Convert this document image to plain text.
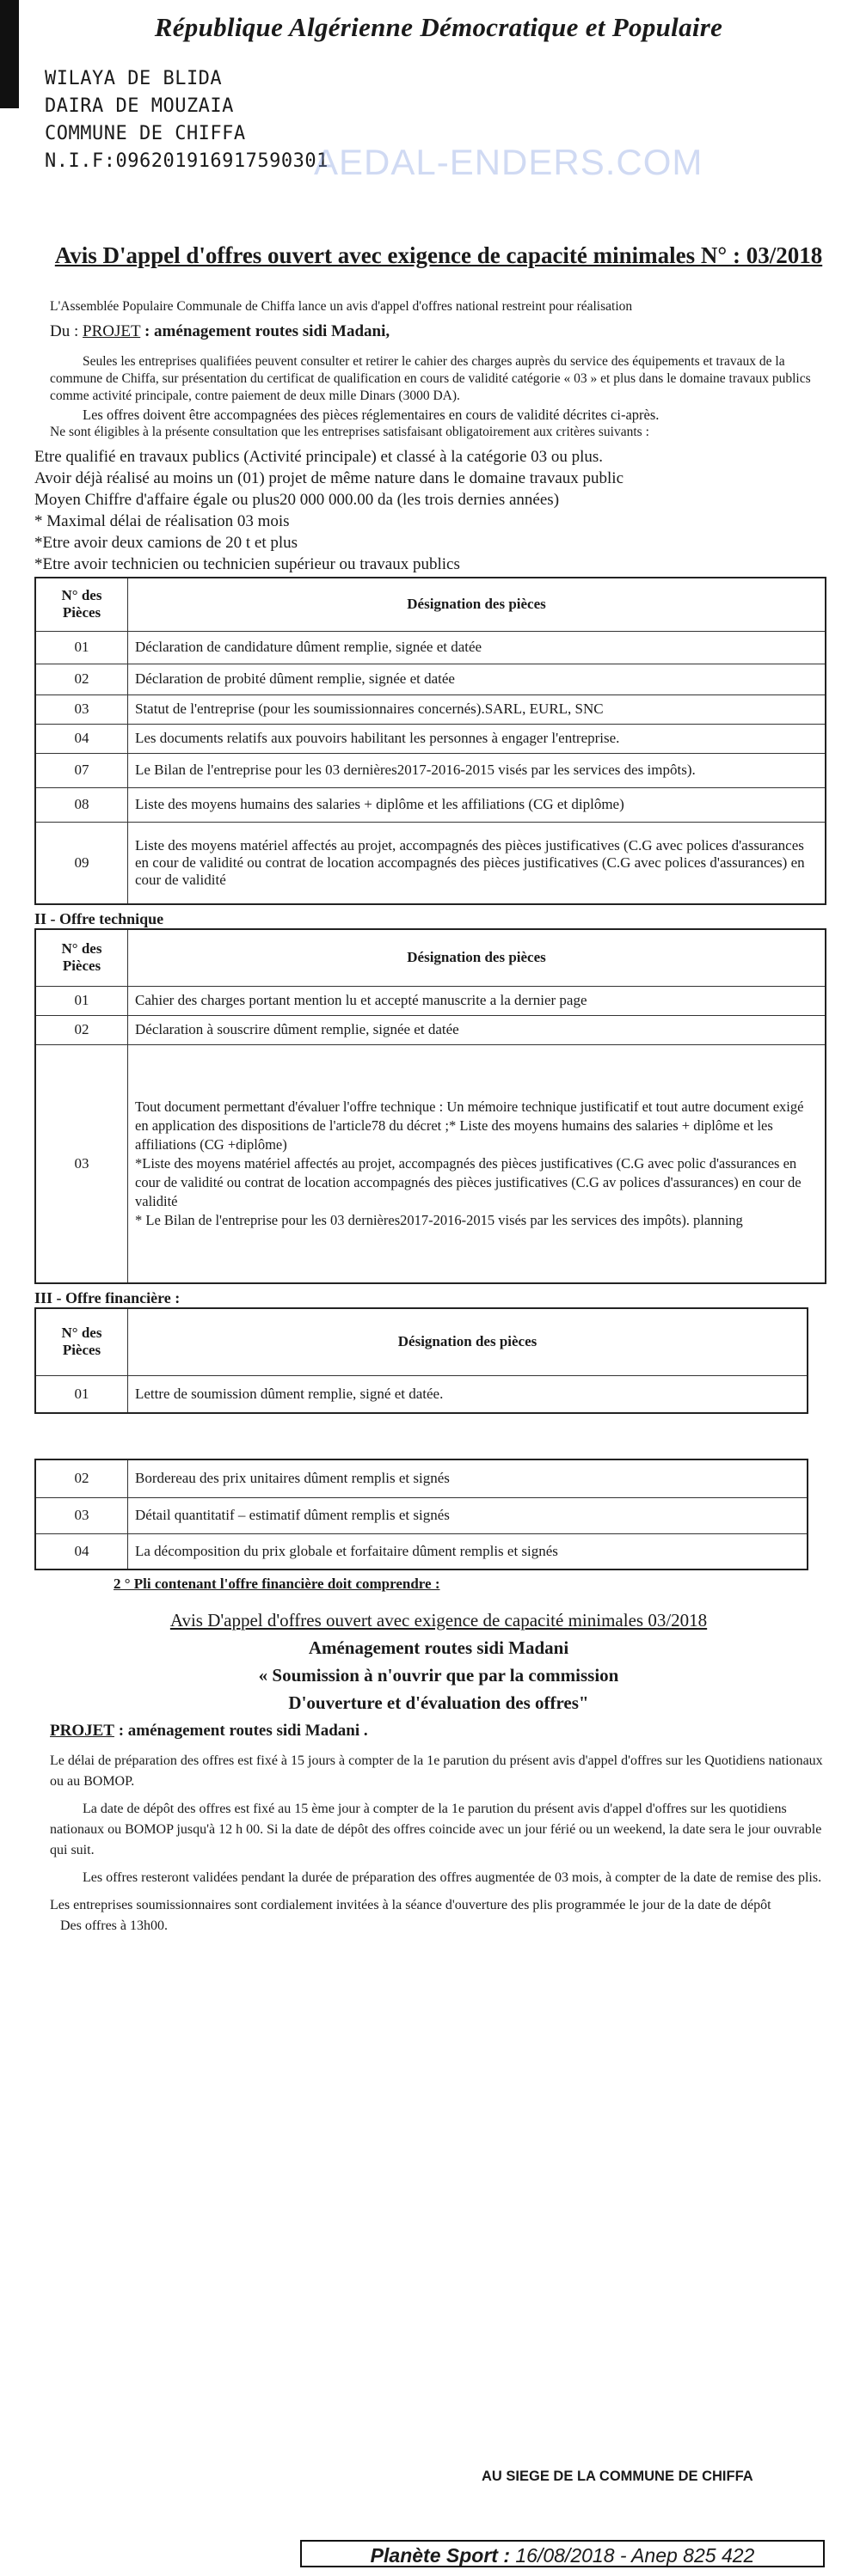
République Algérienne Démocratique et Populaire
WILAYA DE BLIDA
DAIRA DE MOUZAIA
COMMUNE DE CHIFFA
N.I.F:096201916917590301
Avis D'appel d'offres ouvert avec exigence de capacité minimales N° : 03/2018
L'Assemblée Populaire Communale de Chiffa lance un avis d'appel d'offres national restreint pour réalisation
Du : PROJET : aménagement routes sidi Madani,
Seules les entreprises qualifiées peuvent consulter et retirer le cahier des charges auprès du service des équipements et travaux de la commune de Chiffa, sur présentation du certificat de qualification en cours de validité catégorie « 03 » et plus dans le domaine travaux publics comme activité principale, contre paiement de deux mille Dinars (3000 DA).
Les offres doivent être accompagnées des pièces réglementaires en cours de validité décrites ci-après.
Ne sont éligibles à la présente consultation que les entreprises satisfaisant obligatoirement aux critères suivants :
Etre qualifié en travaux publics (Activité principale) et classé à la catégorie 03 ou plus.
Avoir déjà réalisé au moins un (01) projet de même nature dans le domaine travaux public
Moyen Chiffre d'affaire égale ou plus20 000 000.00 da (les trois dernies années)
* Maximal délai de réalisation 03 mois
*Etre avoir deux camions de 20 t et plus
*Etre avoir technicien ou technicien supérieur ou travaux publics
N° des Pièces	Désignation des pièces
01	Déclaration de candidature dûment remplie, signée et datée
02	Déclaration de probité dûment remplie, signée et datée
03	Statut de l'entreprise (pour les soumissionnaires concernés).SARL, EURL, SNC
04	Les documents relatifs aux pouvoirs habilitant les personnes à engager l'entreprise.
07	Le Bilan de l'entreprise pour les 03 dernières2017-2016-2015 visés par les services des impôts).
08	Liste des moyens humains des salaries + diplôme et les affiliations (CG et diplôme)
09	Liste des moyens matériel affectés au projet, accompagnés des pièces justificatives (C.G avec polices d'assurances en cour de validité ou contrat de location accompagnés des pièces justificatives (C.G avec polices d'assurances) en cour de validité
II - Offre technique
N° des Pièces	Désignation des pièces
01	Cahier des charges portant mention lu et accepté manuscrite a la dernier page
02	Déclaration à souscrire dûment remplie, signée et datée
03	Tout document permettant d'évaluer l'offre technique : Un mémoire technique justificatif et tout autre document exigé en application des dispositions de l'article78 du décret ;* Liste des moyens humains des salaries + diplôme et les affiliations (CG +diplôme)
*Liste des moyens matériel affectés au projet, accompagnés des pièces justificatives (C.G avec polic d'assurances en cour de validité ou contrat de location accompagnés des pièces justificatives (C.G av polices d'assurances) en cour de validité
* Le Bilan de l'entreprise pour les 03 dernières2017-2016-2015 visés par les services des impôts). planning
III - Offre financière :
N° des Pièces	Désignation des pièces
01	Lettre de soumission dûment remplie, signé et datée.
02	Bordereau des prix unitaires dûment remplis et signés
03	Détail quantitatif – estimatif dûment remplis et signés
04	La décomposition du prix globale et forfaitaire dûment remplis et signés
2 ° Pli contenant l'offre financière doit comprendre :
Avis D'appel d'offres ouvert avec exigence de capacité minimales 03/2018
Aménagement routes sidi Madani
« Soumission à n'ouvrir que par la commission
D'ouverture et d'évaluation des offres"
PROJET : aménagement routes sidi Madani .
Le délai de préparation des offres est fixé à 15 jours à compter de la 1e parution du présent avis d'appel d'offres sur les Quotidiens nationaux ou au BOMOP.
La date de dépôt des offres est fixé au 15 ème jour à compter de la 1e parution du présent avis d'appel d'offres sur les quotidiens nationaux ou BOMOP jusqu'à 12 h 00. Si la date de dépôt des offres coincide avec un jour férié ou un weekend, la date sera le jour ouvrable qui suit.
Les offres resteront validées pendant la durée de préparation des offres augmentée de 03 mois, à compter de la date de remise des plis.
Les entreprises soumissionnaires sont cordialement invitées à la séance d'ouverture des plis programmée le jour de la date de dépôt
Des offres à 13h00.
AEDAL-ENDERS.COM
AU SIEGE DE LA COMMUNE DE CHIFFA
Planète Sport : 16/08/2018 - Anep 825 422
